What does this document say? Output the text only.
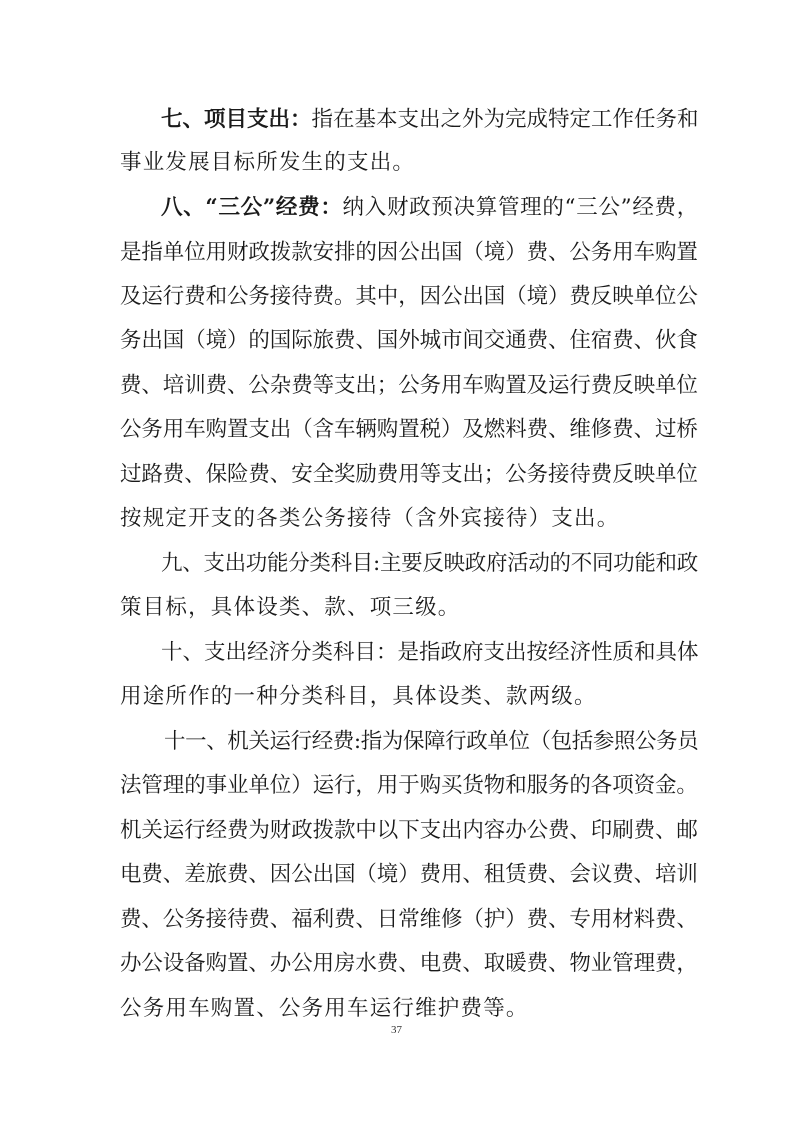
七、项目支出：指在基本支出之外为完成特定工作任务和
事业发展目标所发生的支出。
八、“三公”经费：纳入财政预决算管理的“三公”经费，
是指单位用财政拨款安排的因公出国（境）费、公务用车购置
及运行费和公务接待费。其中，因公出国（境）费反映单位公
务出国（境）的国际旅费、国外城市间交通费、住宿费、伙食
费、培训费、公杂费等支出；公务用车购置及运行费反映单位
公务用车购置支出（含车辆购置税）及燃料费、维修费、过桥
过路费、保险费、安全奖励费用等支出；公务接待费反映单位
按规定开支的各类公务接待（含外宾接待）支出。
九、支出功能分类科目:主要反映政府活动的不同功能和政
策目标，具体设类、款、项三级。
十、支出经济分类科目：是指政府支出按经济性质和具体
用途所作的一种分类科目，具体设类、款两级。
十一、机关运行经费:指为保障行政单位（包括参照公务员
法管理的事业单位）运行，用于购买货物和服务的各项资金。
机关运行经费为财政拨款中以下支出内容办公费、印刷费、邮
电费、差旅费、因公出国（境）费用、租赁费、会议费、培训
费、公务接待费、福利费、日常维修（护）费、专用材料费、
办公设备购置、办公用房水费、电费、取暖费、物业管理费，
公务用车购置、公务用车运行维护费等。
37
